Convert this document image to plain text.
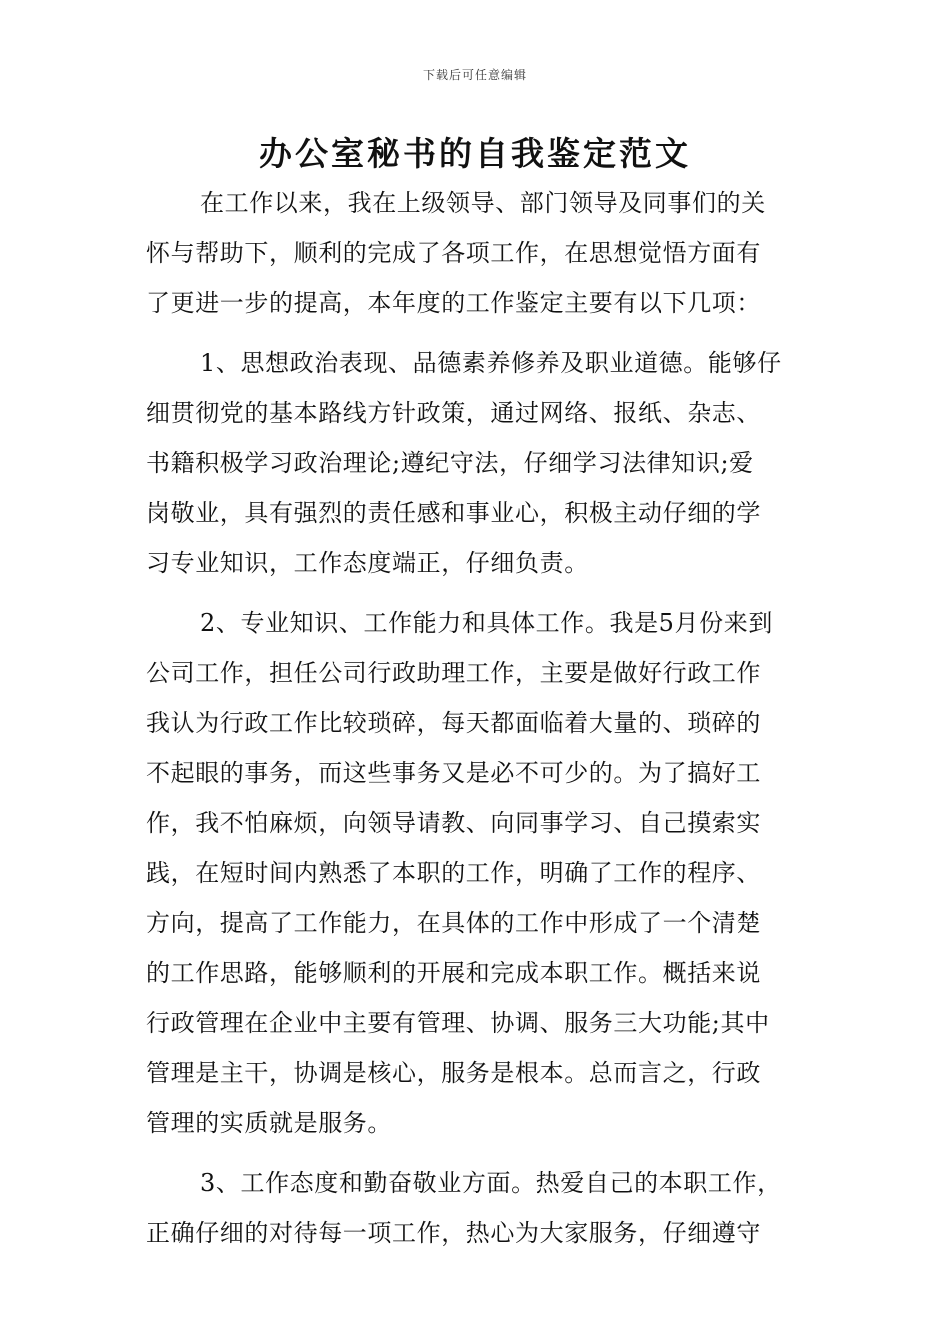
下载后可任意编辑
办公室秘书的自我鉴定范文
在工作以来，我在上级领导、部门领导及同事们的关
怀与帮助下，顺利的完成了各项工作，在思想觉悟方面有
了更进一步的提高，本年度的工作鉴定主要有以下几项：
1、思想政治表现、品德素养修养及职业道德。能够仔
细贯彻党的基本路线方针政策，通过网络、报纸、杂志、
书籍积极学习政治理论;遵纪守法，仔细学习法律知识;爱
岗敬业，具有强烈的责任感和事业心，积极主动仔细的学
习专业知识，工作态度端正，仔细负责。
2、专业知识、工作能力和具体工作。我是5月份来到
公司工作，担任公司行政助理工作，主要是做好行政工作
我认为行政工作比较琐碎，每天都面临着大量的、琐碎的
不起眼的事务，而这些事务又是必不可少的。为了搞好工
作，我不怕麻烦，向领导请教、向同事学习、自己摸索实
践，在短时间内熟悉了本职的工作，明确了工作的程序、
方向，提高了工作能力，在具体的工作中形成了一个清楚
的工作思路，能够顺利的开展和完成本职工作。概括来说
行政管理在企业中主要有管理、协调、服务三大功能;其中
管理是主干，协调是核心，服务是根本。总而言之，行政
管理的实质就是服务。
3、工作态度和勤奋敬业方面。热爱自己的本职工作，
正确仔细的对待每一项工作，热心为大家服务，仔细遵守
